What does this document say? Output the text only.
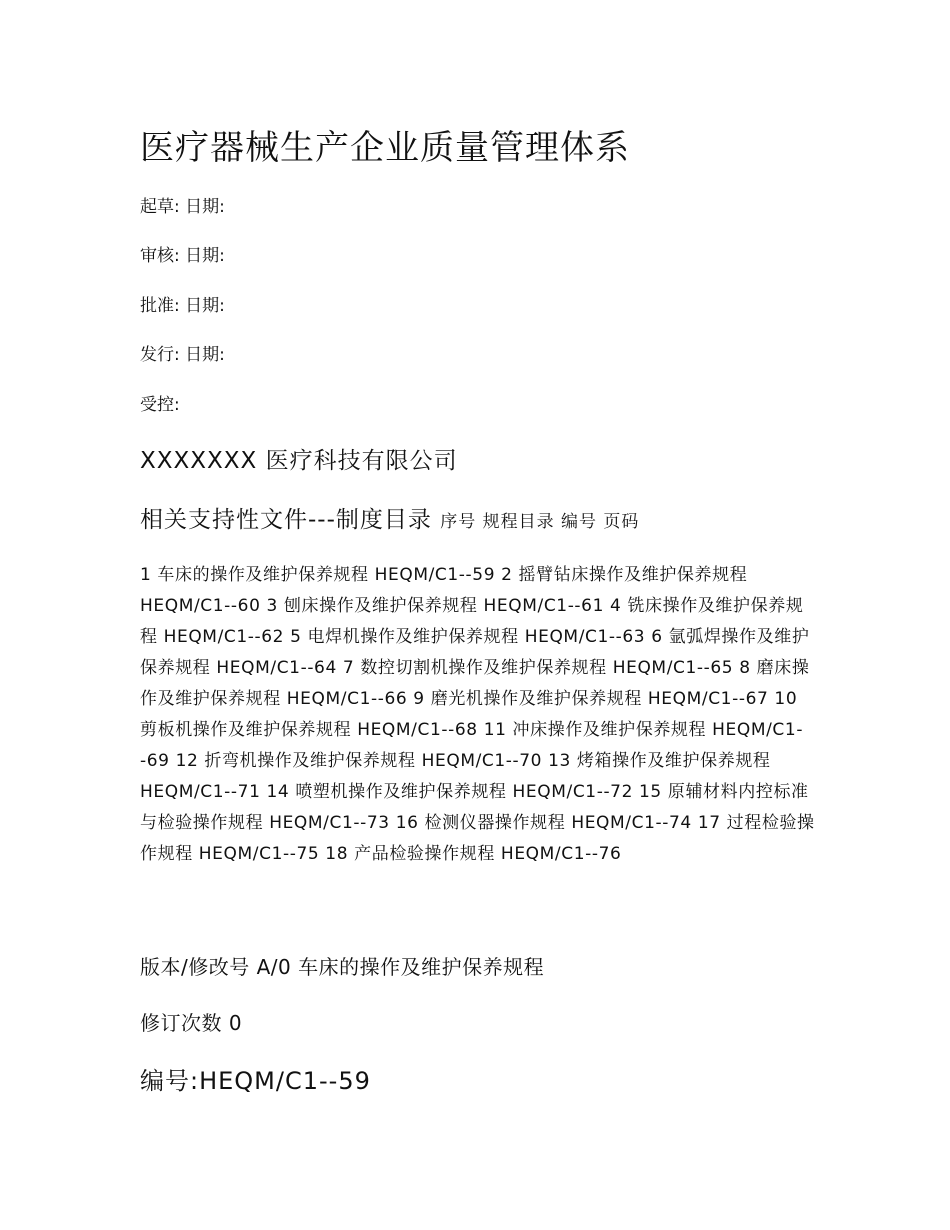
医疗器械生产企业质量管理体系
起草: 日期:
审核: 日期:
批准: 日期:
发行: 日期:
受控:
XXXXXXX 医疗科技有限公司
相关支持性文件---制度目录 序号 规程目录 编号 页码
1 车床的操作及维护保养规程 HEQM/C1--59 2 摇臂钻床操作及维护保养规程 HEQM/C1--60 3 刨床操作及维护保养规程 HEQM/C1--61 4 铣床操作及维护保养规程 HEQM/C1--62 5 电焊机操作及维护保养规程 HEQM/C1--63 6 氩弧焊操作及维护保养规程 HEQM/C1--64 7 数控切割机操作及维护保养规程 HEQM/C1--65 8 磨床操作及维护保养规程 HEQM/C1--66 9 磨光机操作及维护保养规程 HEQM/C1--67 10 剪板机操作及维护保养规程 HEQM/C1--68 11 冲床操作及维护保养规程 HEQM/C1--69 12 折弯机操作及维护保养规程 HEQM/C1--70 13 烤箱操作及维护保养规程 HEQM/C1--71 14 喷塑机操作及维护保养规程 HEQM/C1--72 15 原辅材料内控标准与检验操作规程 HEQM/C1--73 16 检测仪器操作规程 HEQM/C1--74 17 过程检验操作规程 HEQM/C1--75 18 产品检验操作规程 HEQM/C1--76
版本/修改号 A/0 车床的操作及维护保养规程
修订次数 0
编号:HEQM/C1--59
